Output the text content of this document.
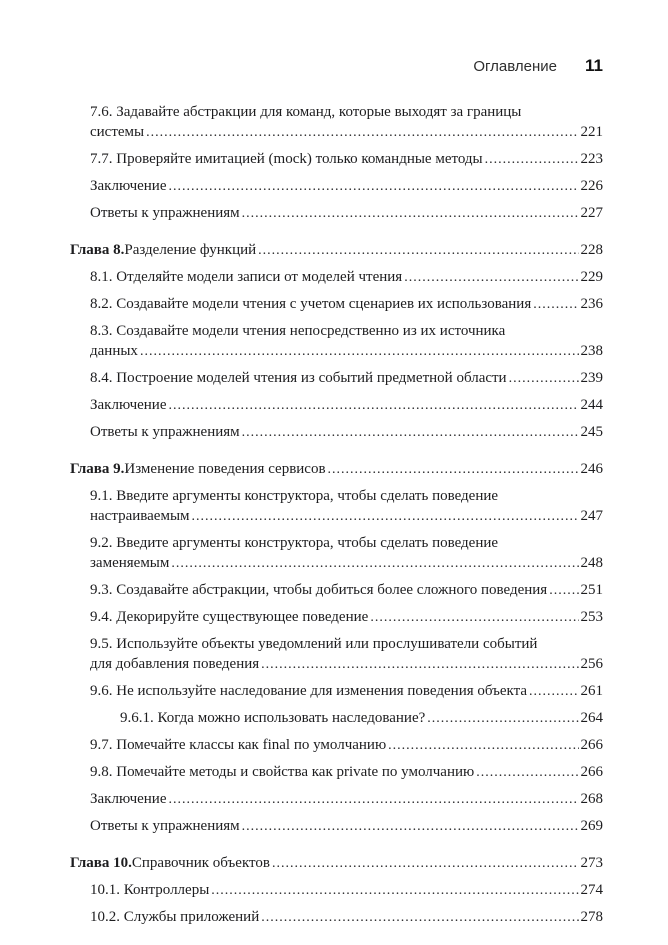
Оглавление 11
7.6. Задавайте абстракции для команд, которые выходят за границы
системы .....	221
7.7. Проверяйте имитацией (mock) только командные методы .....	223
Заключение .....	226
Ответы к упражнениям .....	227
Глава 8. Разделение функций .....	228
8.1. Отделяйте модели записи от моделей чтения .....	229
8.2. Создавайте модели чтения с учетом сценариев их использования .....	236
8.3. Создавайте модели чтения непосредственно из их источника
данных .....	238
8.4. Построение моделей чтения из событий предметной области .....	239
Заключение .....	244
Ответы к упражнениям .....	245
Глава 9. Изменение поведения сервисов .....	246
9.1. Введите аргументы конструктора, чтобы сделать поведение
настраиваемым .....	247
9.2. Введите аргументы конструктора, чтобы сделать поведение
заменяемым .....	248
9.3. Создавайте абстракции, чтобы добиться более сложного поведения ..... 251
9.4. Декорируйте существующее поведение .....	253
9.5. Используйте объекты уведомлений или прослушиватели событий
для добавления поведения .....	256
9.6. Не используйте наследование для изменения поведения объекта .....	261
9.6.1. Когда можно использовать наследование? .....	264
9.7. Помечайте классы как final по умолчанию .....	266
9.8. Помечайте методы и свойства как private по умолчанию .....	266
Заключение .....	268
Ответы к упражнениям .....	269
Глава 10. Справочник объектов .....	273
10.1. Контроллеры .....	274
10.2. Службы приложений .....	278
